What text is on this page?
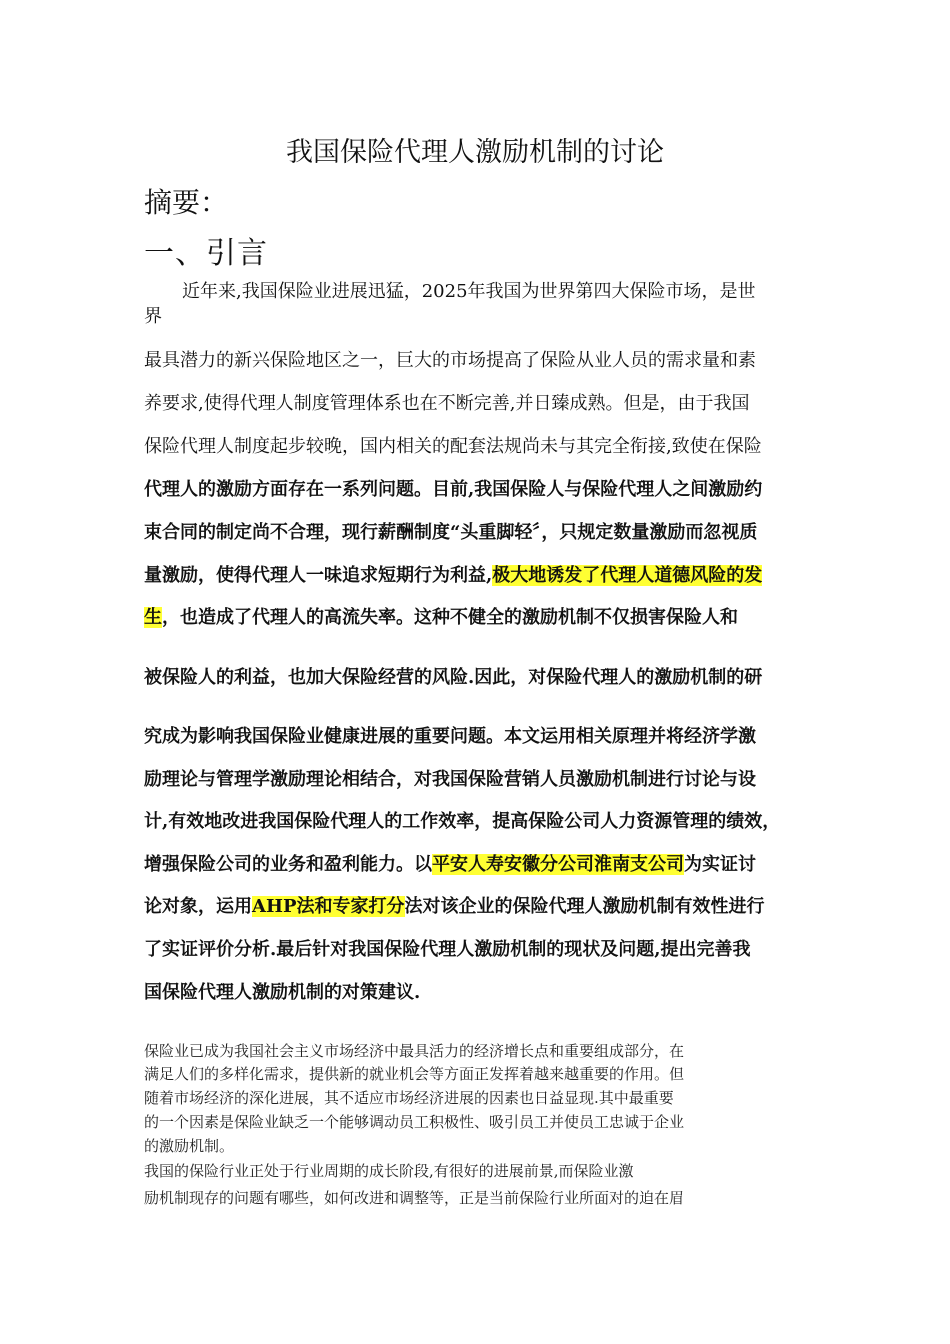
我国保险代理人激励机制的讨论
摘要：
一、引言
近年来,我国保险业进展迅猛，2025年我国为世界第四大保险市场，是世
界
最具潜力的新兴保险地区之一，巨大的市场提高了保险从业人员的需求量和素
养要求,使得代理人制度管理体系也在不断完善,并日臻成熟。但是，由于我国
保险代理人制度起步较晚，国内相关的配套法规尚未与其完全衔接,致使在保险
代理人的激励方面存在一系列问题。目前,我国保险人与保险代理人之间激励约
束合同的制定尚不合理，现行薪酬制度“头重脚轻〞，只规定数量激励而忽视质
量激励，使得代理人一味追求短期行为利益,极大地诱发了代理人道德风险的发
生，也造成了代理人的高流失率。这种不健全的激励机制不仅损害保险人和
被保险人的利益，也加大保险经营的风险.因此，对保险代理人的激励机制的研
究成为影响我国保险业健康进展的重要问题。本文运用相关原理并将经济学激
励理论与管理学激励理论相结合，对我国保险营销人员激励机制进行讨论与设
计,有效地改进我国保险代理人的工作效率，提高保险公司人力资源管理的绩效，
增强保险公司的业务和盈利能力。以平安人寿安徽分公司淮南支公司为实证讨
论对象，运用AHP法和专家打分法对该企业的保险代理人激励机制有效性进行
了实证评价分析.最后针对我国保险代理人激励机制的现状及问题,提出完善我
国保险代理人激励机制的对策建议.
保险业已成为我国社会主义市场经济中最具活力的经济增长点和重要组成部分，在
满足人们的多样化需求，提供新的就业机会等方面正发挥着越来越重要的作用。但
随着市场经济的深化进展，其不适应市场经济进展的因素也日益显现.其中最重要
的一个因素是保险业缺乏一个能够调动员工积极性、吸引员工并使员工忠诚于企业
的激励机制。
我国的保险行业正处于行业周期的成长阶段,有很好的进展前景,而保险业激
励机制现存的问题有哪些，如何改进和调整等，正是当前保险行业所面对的迫在眉
